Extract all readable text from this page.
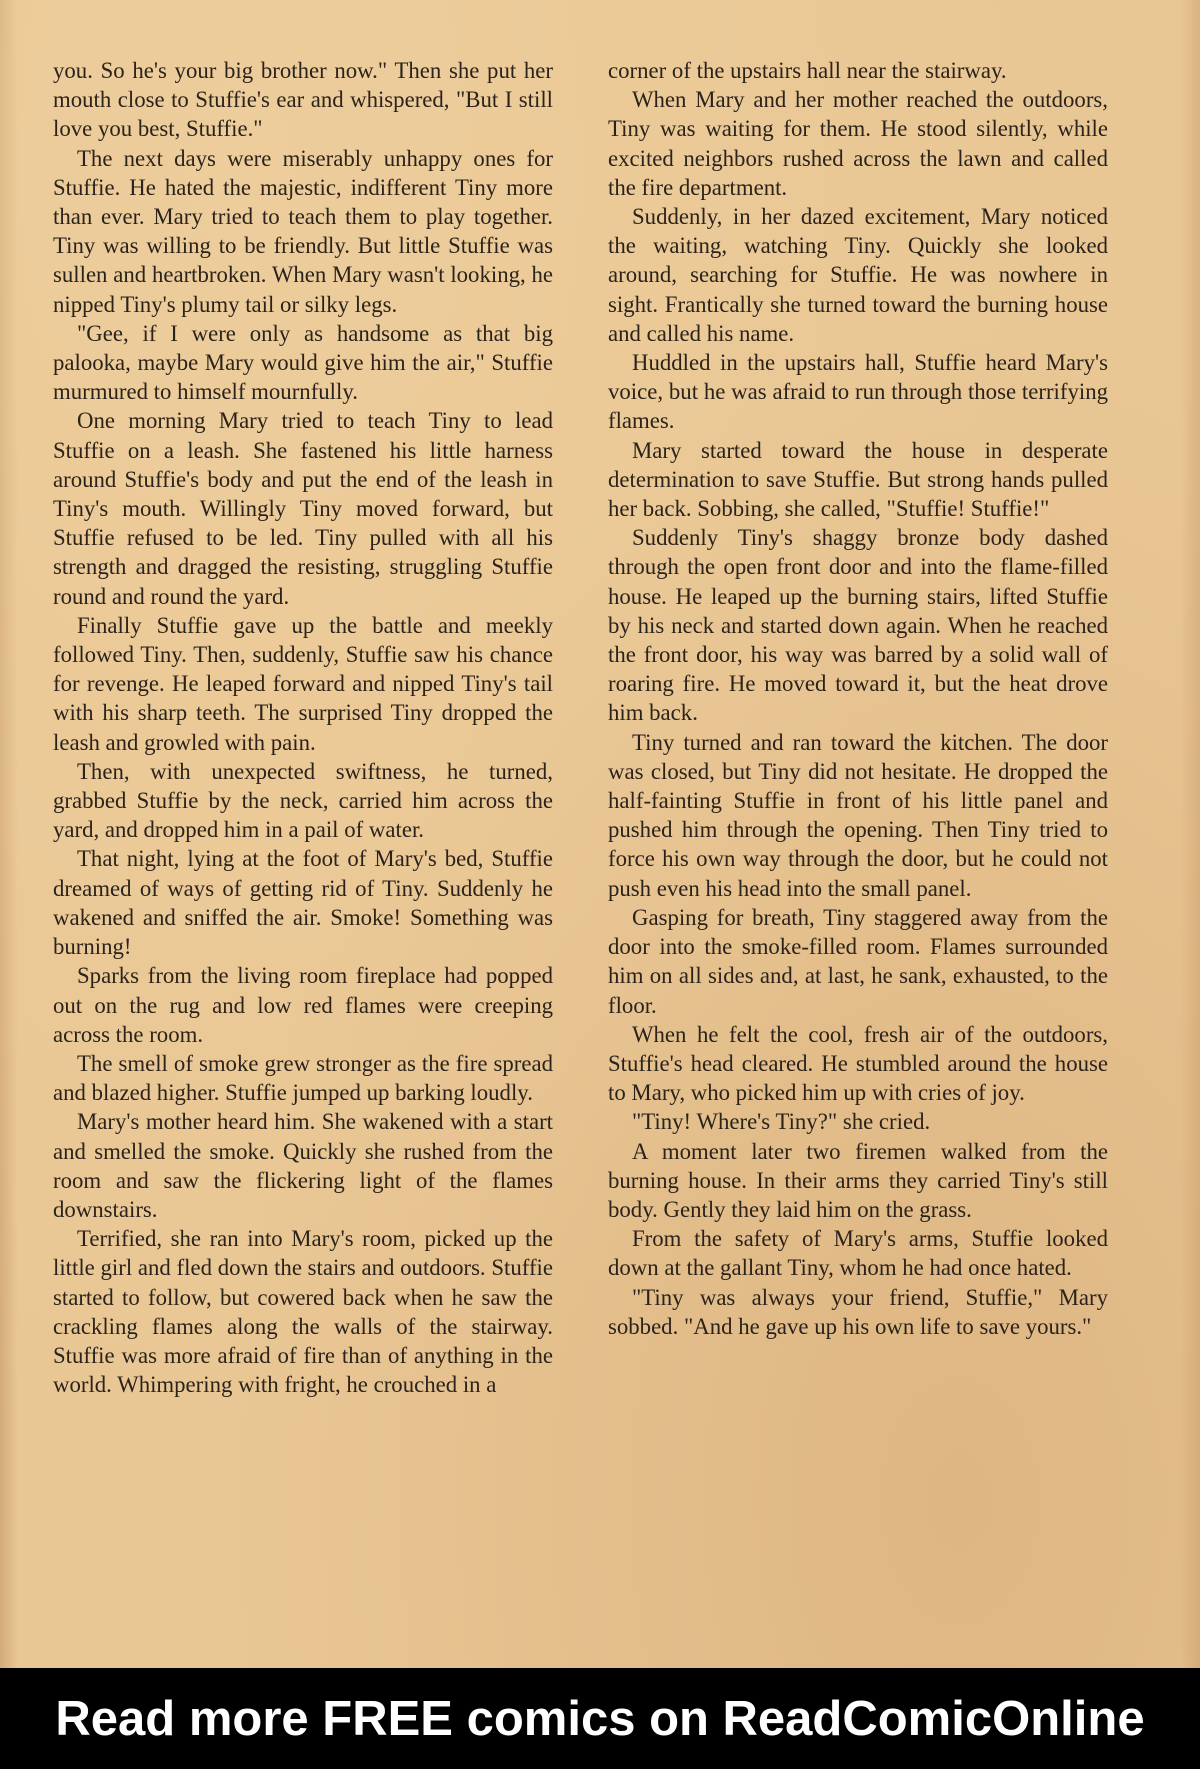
you. So he's your big brother now." Then she put her mouth close to Stuffie's ear and whispered, "But I still love you best, Stuffie."

The next days were miserably unhappy ones for Stuffie. He hated the majestic, indifferent Tiny more than ever. Mary tried to teach them to play together. Tiny was willing to be friendly. But little Stuffie was sullen and heartbroken. When Mary wasn't looking, he nipped Tiny's plumy tail or silky legs.

"Gee, if I were only as handsome as that big palooka, maybe Mary would give him the air," Stuffie murmured to himself mournfully.

One morning Mary tried to teach Tiny to lead Stuffie on a leash. She fastened his little harness around Stuffie's body and put the end of the leash in Tiny's mouth. Willingly Tiny moved forward, but Stuffie refused to be led. Tiny pulled with all his strength and dragged the resisting, struggling Stuffie round and round the yard.

Finally Stuffie gave up the battle and meekly followed Tiny. Then, suddenly, Stuffie saw his chance for revenge. He leaped forward and nipped Tiny's tail with his sharp teeth. The surprised Tiny dropped the leash and growled with pain.

Then, with unexpected swiftness, he turned, grabbed Stuffie by the neck, carried him across the yard, and dropped him in a pail of water.

That night, lying at the foot of Mary's bed, Stuffie dreamed of ways of getting rid of Tiny. Suddenly he wakened and sniffed the air. Smoke! Something was burning!

Sparks from the living room fireplace had popped out on the rug and low red flames were creeping across the room.

The smell of smoke grew stronger as the fire spread and blazed higher. Stuffie jumped up barking loudly.

Mary's mother heard him. She wakened with a start and smelled the smoke. Quickly she rushed from the room and saw the flickering light of the flames downstairs.

Terrified, she ran into Mary's room, picked up the little girl and fled down the stairs and outdoors. Stuffie started to follow, but cowered back when he saw the crackling flames along the walls of the stairway. Stuffie was more afraid of fire than of anything in the world. Whimpering with fright, he crouched in a

corner of the upstairs hall near the stairway.

When Mary and her mother reached the outdoors, Tiny was waiting for them. He stood silently, while excited neighbors rushed across the lawn and called the fire department.

Suddenly, in her dazed excitement, Mary noticed the waiting, watching Tiny. Quickly she looked around, searching for Stuffie. He was nowhere in sight. Frantically she turned toward the burning house and called his name.

Huddled in the upstairs hall, Stuffie heard Mary's voice, but he was afraid to run through those terrifying flames.

Mary started toward the house in desperate determination to save Stuffie. But strong hands pulled her back. Sobbing, she called, "Stuffie! Stuffie!"

Suddenly Tiny's shaggy bronze body dashed through the open front door and into the flame-filled house. He leaped up the burning stairs, lifted Stuffie by his neck and started down again. When he reached the front door, his way was barred by a solid wall of roaring fire. He moved toward it, but the heat drove him back.

Tiny turned and ran toward the kitchen. The door was closed, but Tiny did not hesitate. He dropped the half-fainting Stuffie in front of his little panel and pushed him through the opening. Then Tiny tried to force his own way through the door, but he could not push even his head into the small panel.

Gasping for breath, Tiny staggered away from the door into the smoke-filled room. Flames surrounded him on all sides and, at last, he sank, exhausted, to the floor.

When he felt the cool, fresh air of the outdoors, Stuffie's head cleared. He stumbled around the house to Mary, who picked him up with cries of joy.

"Tiny! Where's Tiny?" she cried.

A moment later two firemen walked from the burning house. In their arms they carried Tiny's still body. Gently they laid him on the grass.

From the safety of Mary's arms, Stuffie looked down at the gallant Tiny, whom he had once hated.

"Tiny was always your friend, Stuffie," Mary sobbed. "And he gave up his own life to save yours."

Read more FREE comics on ReadComicOnline
